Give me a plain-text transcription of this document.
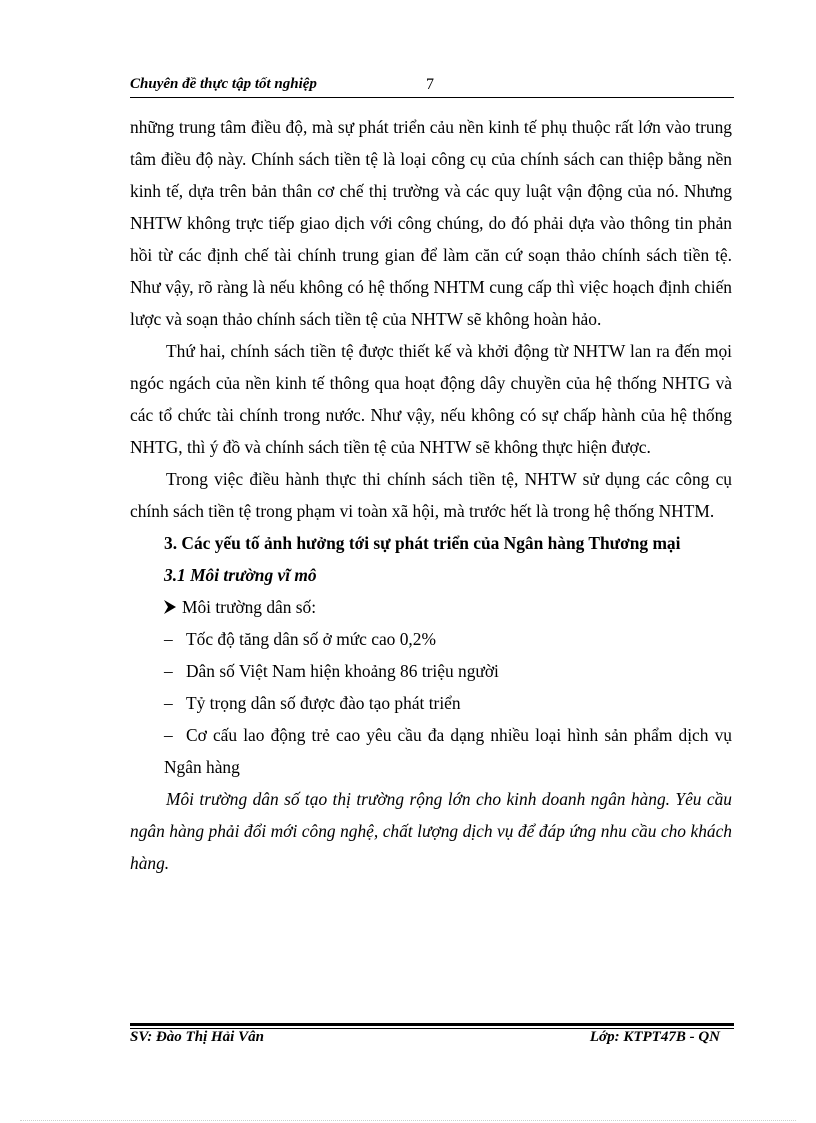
Chuyên đề thực tập tốt nghiệp	7

những trung tâm điều độ, mà sự phát triển cảu nền kinh tế phụ thuộc rất lớn vào trung tâm điều độ này. Chính sách tiền tệ là loại công cụ của chính sách can thiệp bằng nền kinh tế, dựa trên bản thân cơ chế thị trường và các quy luật vận động của nó. Nhưng NHTW không trực tiếp giao dịch với công chúng, do đó phải dựa vào thông tin phản hồi từ các định chế tài chính trung gian để làm căn cứ soạn thảo chính sách tiền tệ. Như vậy, rõ ràng là nếu không có hệ thống NHTM cung cấp thì việc hoạch định chiến lược và soạn thảo chính sách tiền tệ của NHTW sẽ không hoàn hảo.

Thứ hai, chính sách tiền tệ được thiết kế và khởi động từ NHTW lan ra đến mọi ngóc ngách của nền kinh tế thông qua hoạt động dây chuyền của hệ thống NHTG và các tổ chức tài chính trong nước. Như vậy, nếu không có sự chấp hành của hệ thống NHTG, thì ý đồ và chính sách tiền tệ của NHTW sẽ không thực hiện được.

Trong việc điều hành thực thi chính sách tiền tệ, NHTW sử dụng các công cụ chính sách tiền tệ trong phạm vi toàn xã hội, mà trước hết là trong hệ thống NHTM.

3. Các yếu tố ảnh hưởng tới sự phát triển của Ngân hàng Thương mại

3.1 Môi trường vĩ mô

Môi trường dân số:

– Tốc độ tăng dân số ở mức cao 0,2%

– Dân số Việt Nam hiện khoảng 86 triệu người

– Tỷ trọng dân số được đào tạo phát triển

– Cơ cấu lao động trẻ cao yêu cầu đa dạng nhiều loại hình sản phẩm dịch vụ Ngân hàng

Môi trường dân số tạo thị trường rộng lớn cho kinh doanh ngân hàng. Yêu cầu ngân hàng phải đổi mới công nghệ, chất lượng dịch vụ để đáp ứng nhu cầu cho khách hàng.

SV: Đào Thị Hải Vân	Lớp: KTPT47B - QN
